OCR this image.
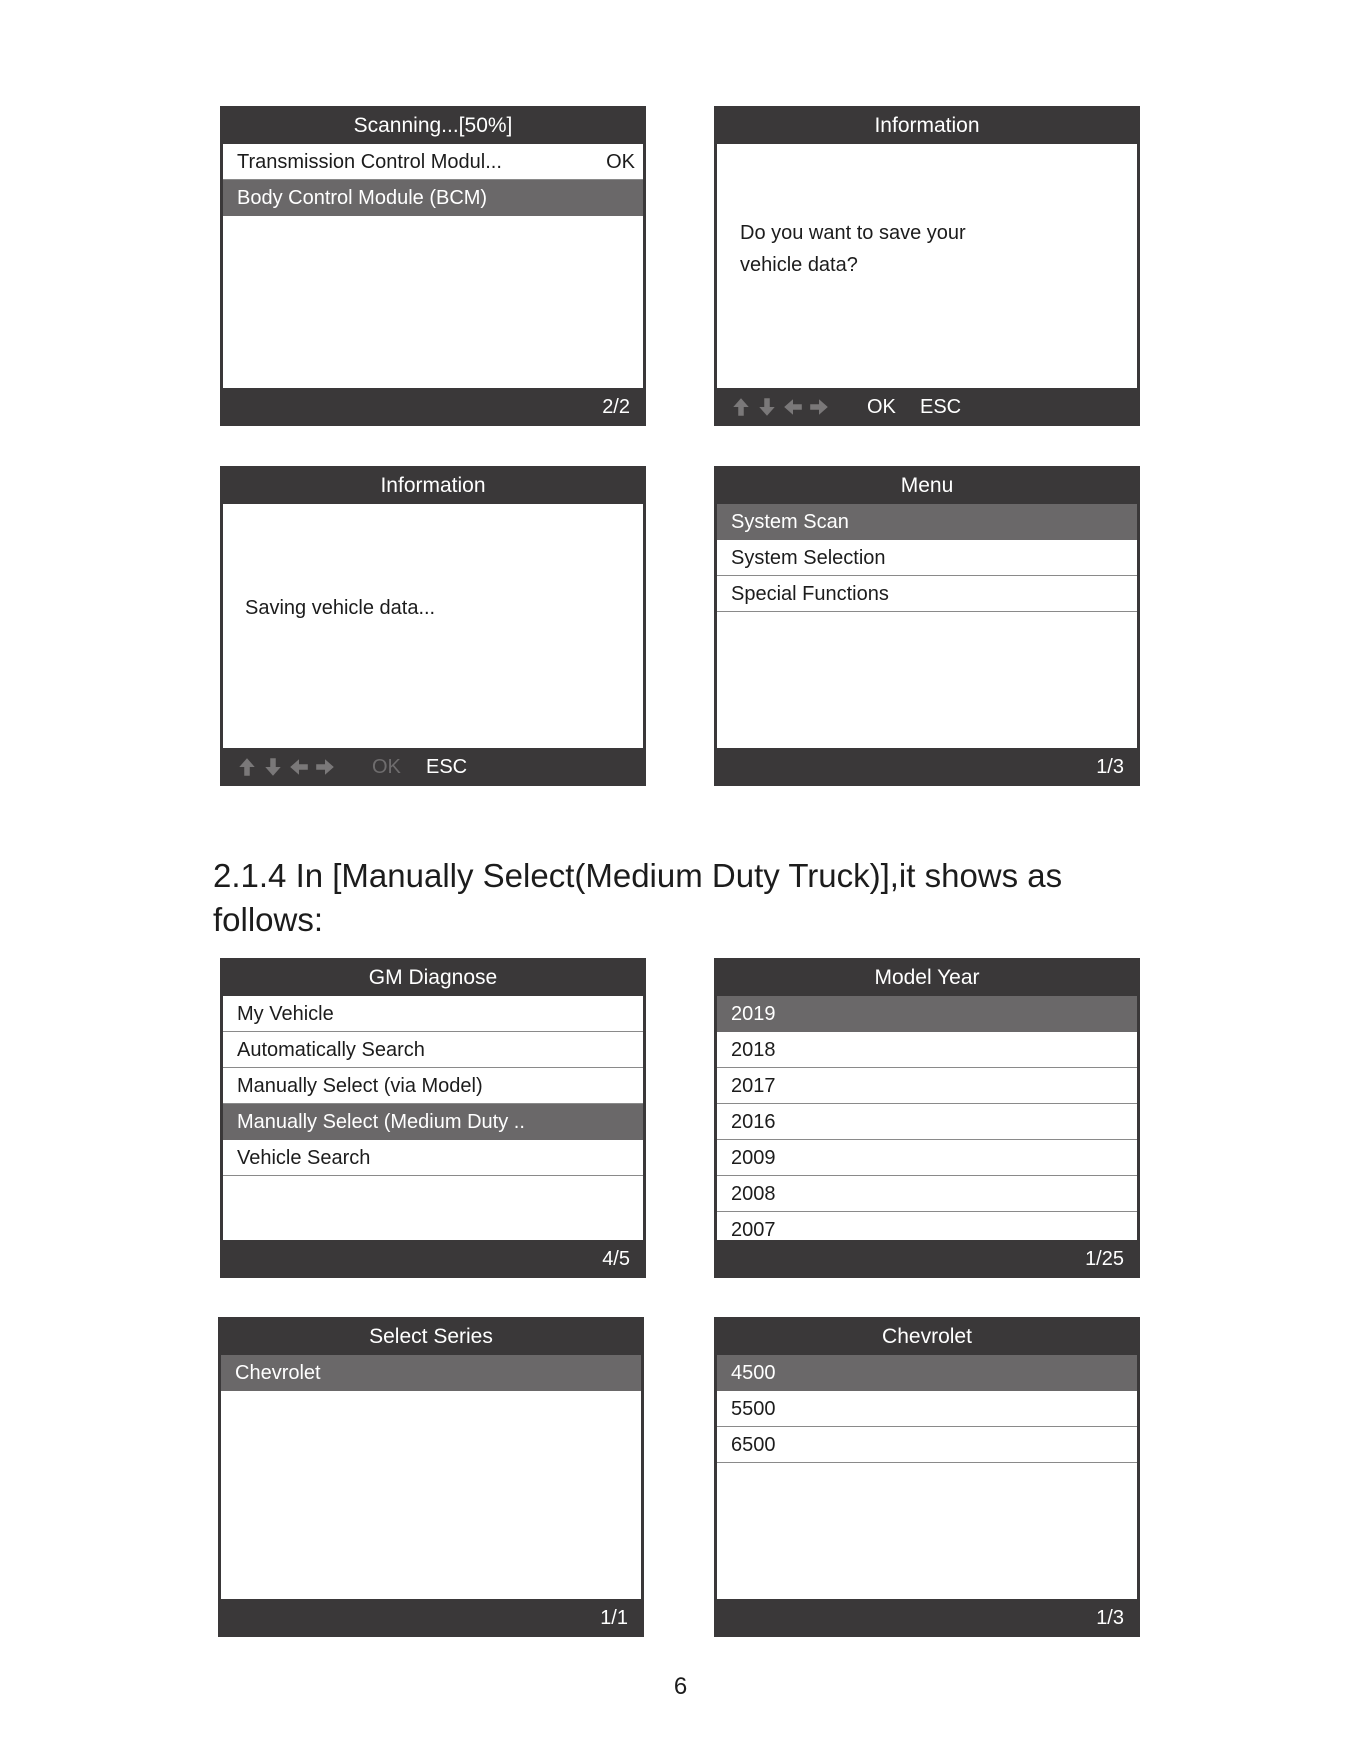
Scanning...[50%]
Transmission Control Modul...	OK
Body Control Module (BCM)
2/2
Information
Do you want to save your
vehicle data?
OK ESC
Information
Saving vehicle data...
OK ESC
Menu
System Scan
System Selection
Special Functions
1/3
2.1.4 In [Manually Select(Medium Duty Truck)],it shows as
follows:
GM Diagnose
My Vehicle
Automatically Search
Manually Select (via Model)
Manually Select (Medium Duty ..
Vehicle Search
4/5
Model Year
2019
2018
2017
2016
2009
2008
2007
1/25
Select Series
Chevrolet
1/1
Chevrolet
4500
5500
6500
1/3
6
